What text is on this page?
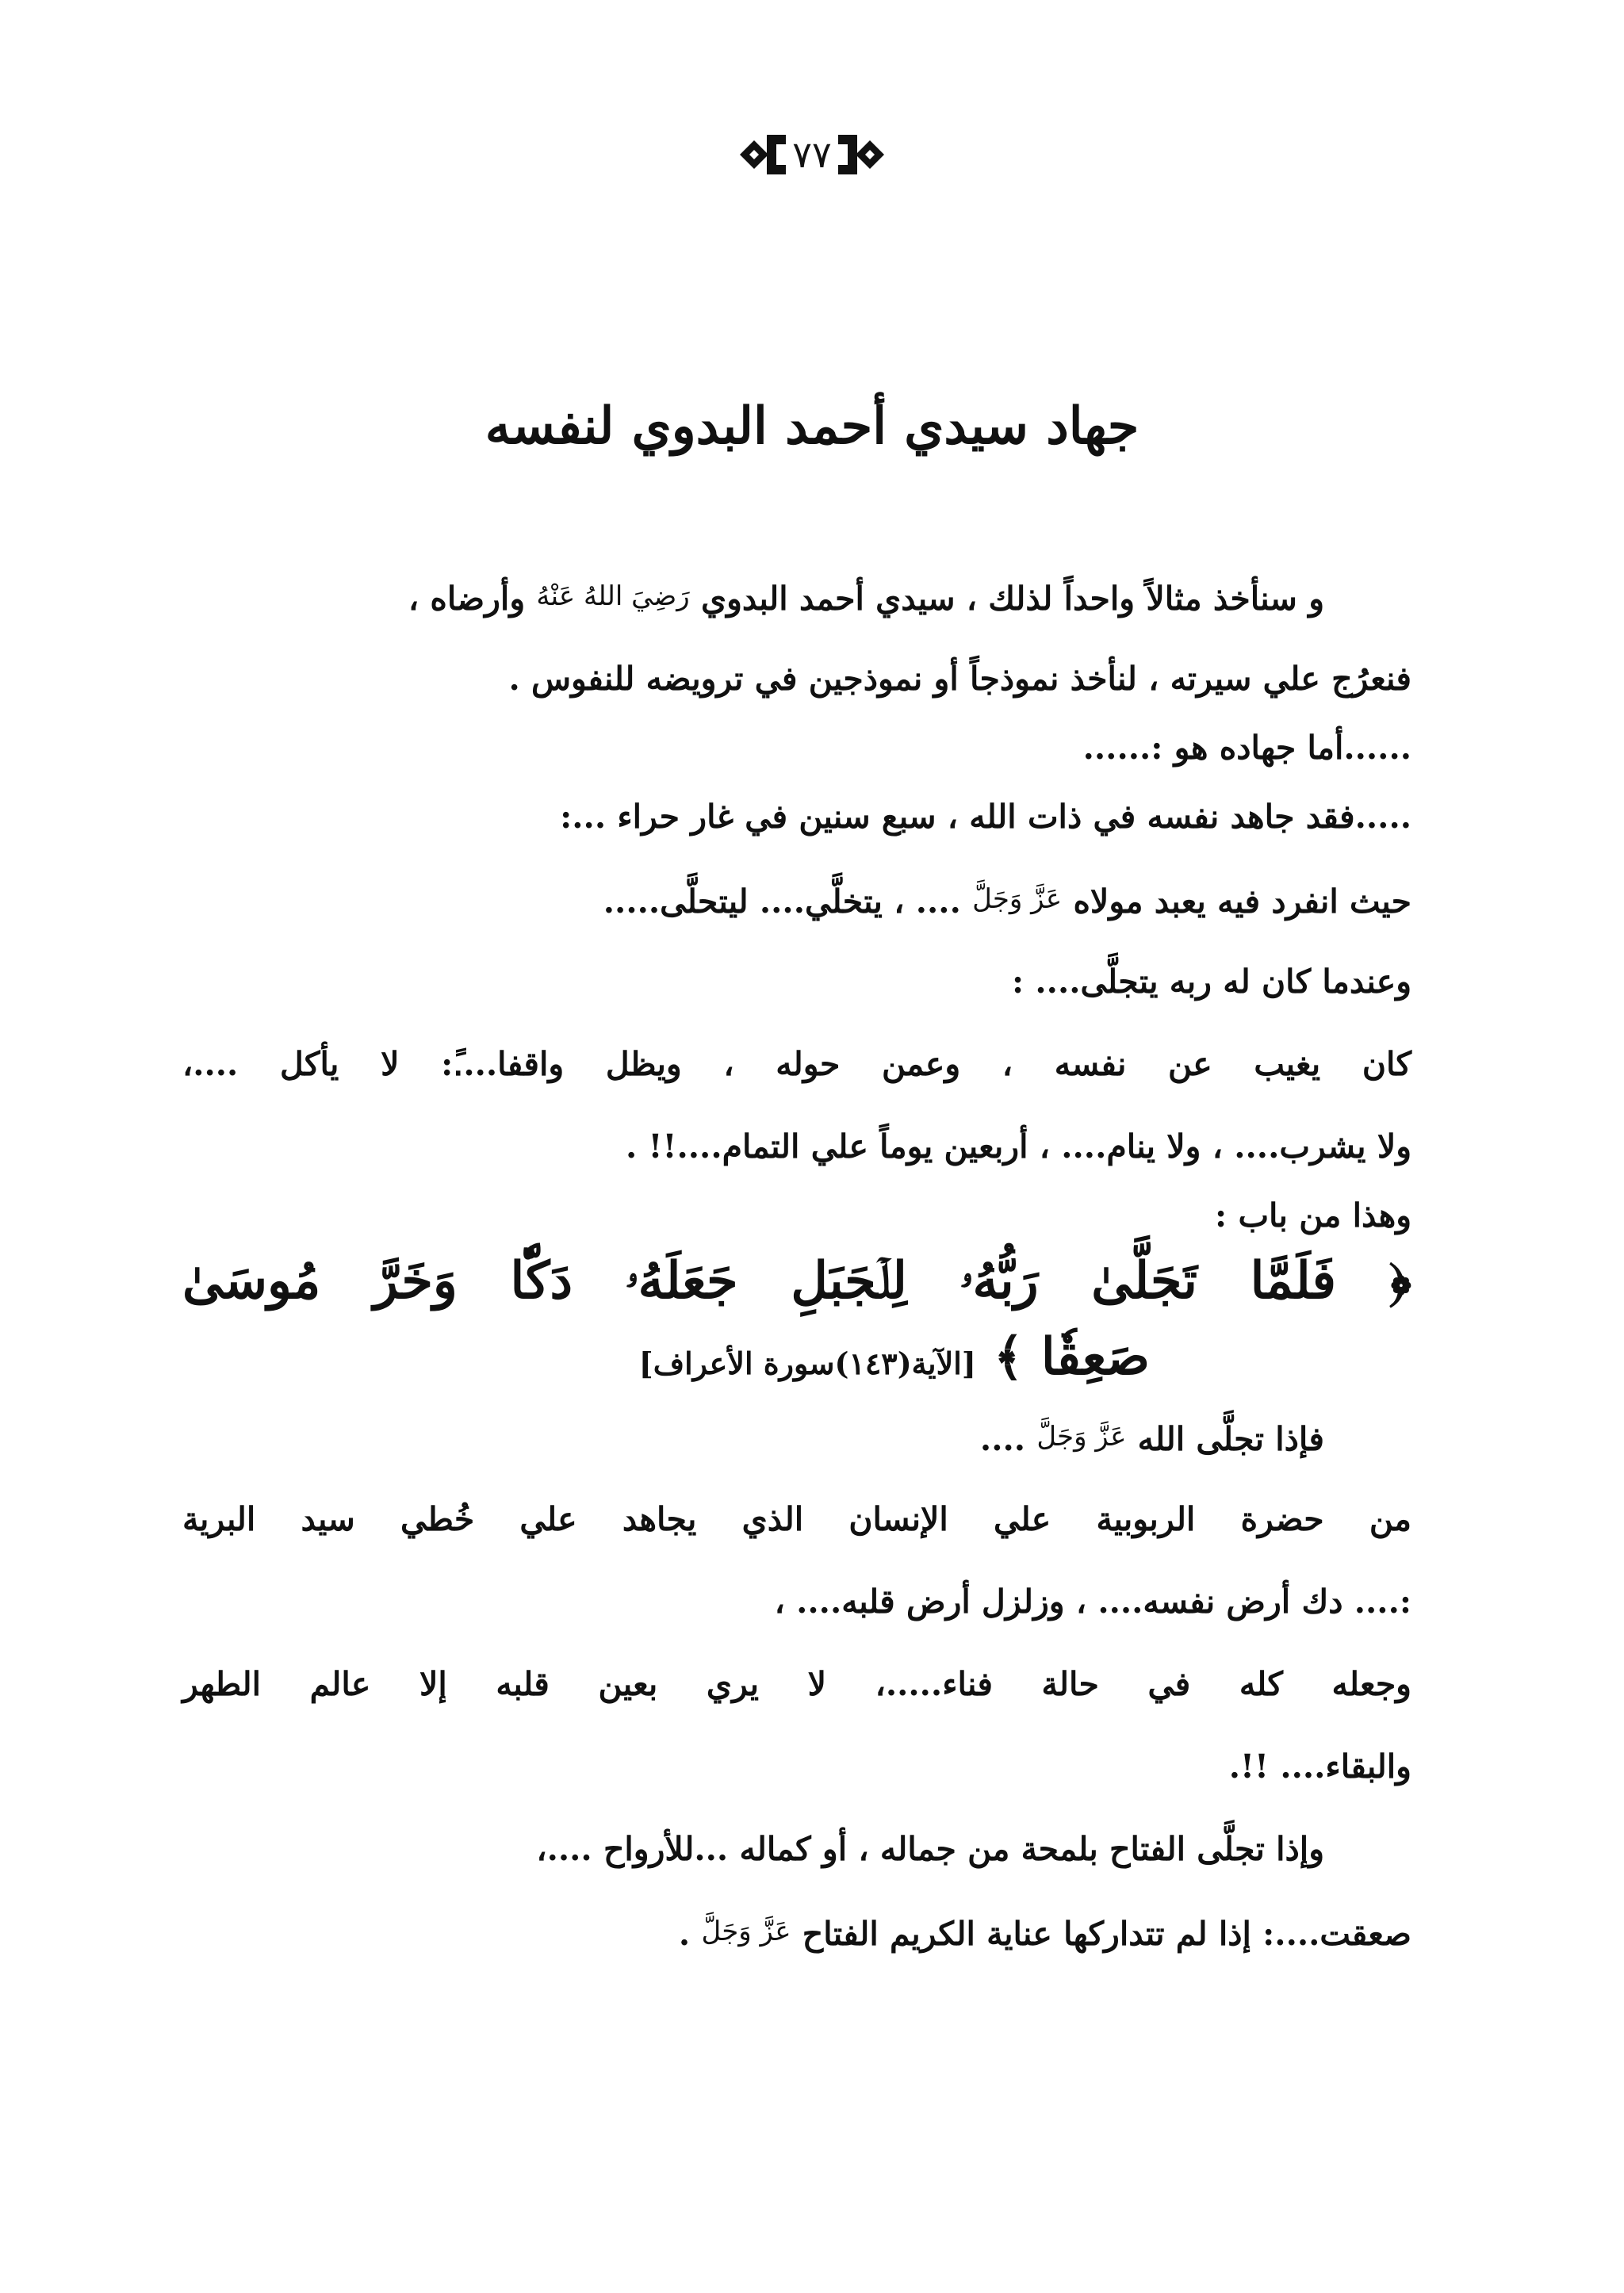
٧٧
جهاد سيدي أحمد البدوي لنفسه
و سنأخذ مثالاً واحداً لذلك ، سيدي أحمد البدوي رَضِيَ اللهُ عَنْهُ وأرضاه ،
فنعرُج علي سيرته ، لنأخذ نموذجاً أو نموذجين في ترويضه للنفوس .
......أما جهاده هو :......
.....فقد جاهد نفسه في ذات الله ، سبع سنين في غار حراء ...:
حيث انفرد فيه يعبد مولاه عَزَّ وَجَلَّ .... ، يتخلَّي.... ليتحلَّى.....
وعندما كان له ربه يتجلَّى.... :
كان يغيب عن نفسه ، وعمن حوله ، ويظل واقفا....ً: لا يأكل ....،
ولا يشرب.... ، ولا ينام.... ، أربعين يوماً علي التمام....!! .
وهذا من باب :
﴿ فَلَمَّا تَجَلَّىٰ رَبُّهُۥ لِلۡجَبَلِ جَعَلَهُۥ دَكّٗا وَخَرَّ مُوسَىٰ
صَعِقٗا ﴾ [الآية(١٤٣)سورة الأعراف]
فإذا تجلَّى الله عَزَّ وَجَلَّ ....
من حضرة الربوبية علي الإنسان الذي يجاهد علي خُطي سيد البرية
:.... دك أرض نفسه.... ، وزلزل أرض قلبه.... ،
وجعله كله في حالة فناء.....، لا يري بعين قلبه إلا عالم الطهر
والبقاء.... !!.
وإذا تجلَّى الفتاح بلمحة من جماله ، أو كماله ...للأرواح ....،
صعقت....: إذا لم تتداركها عناية الكريم الفتاح عَزَّ وَجَلَّ .
